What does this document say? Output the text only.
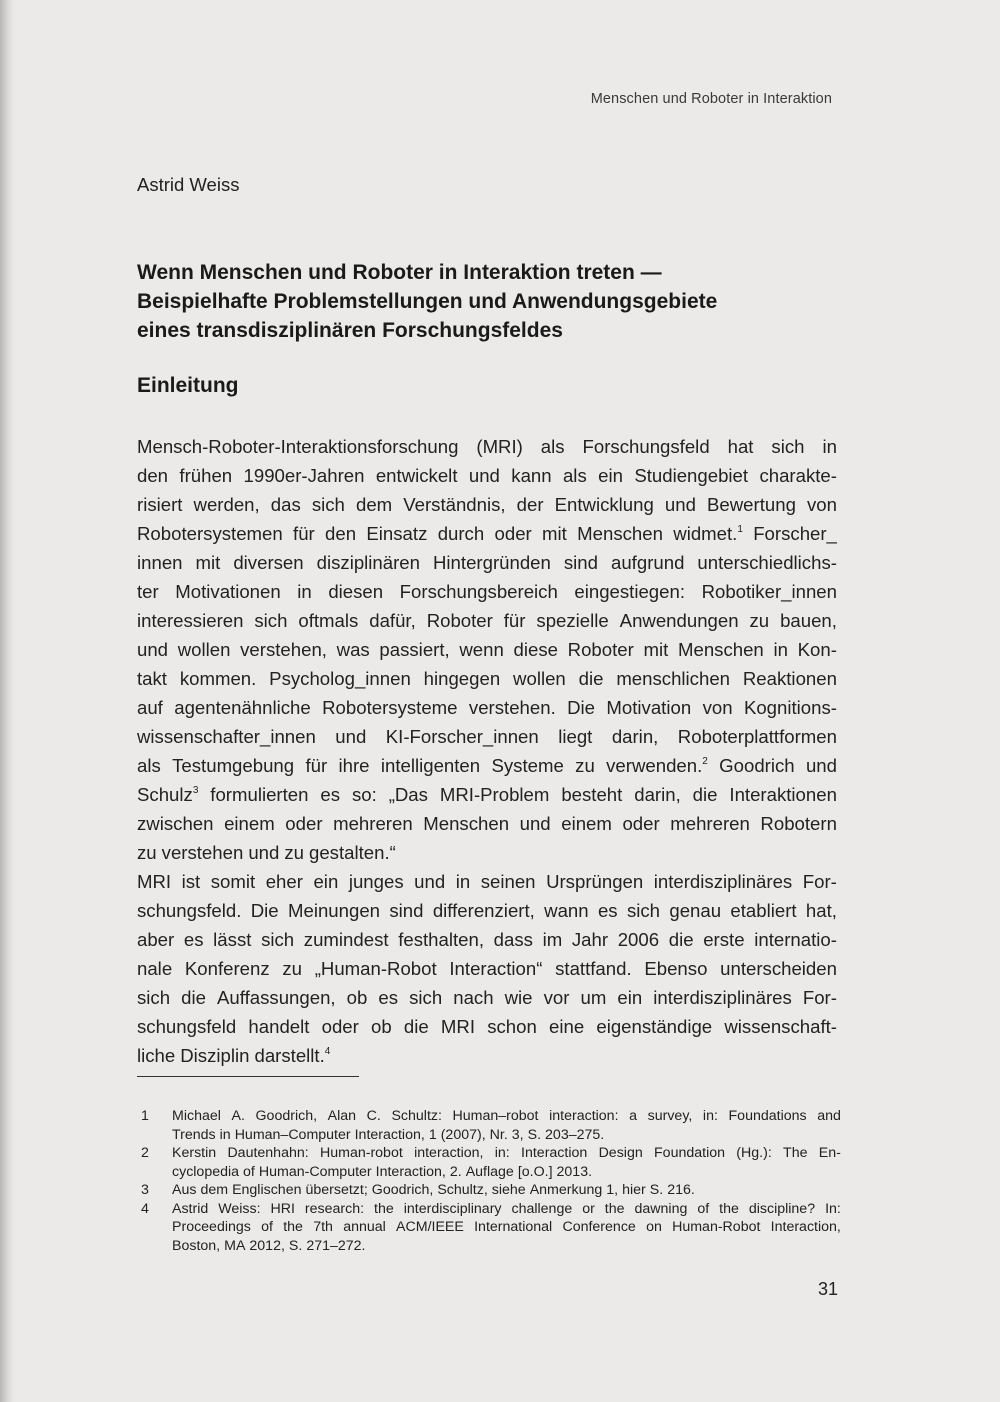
Menschen und Roboter in Interaktion
Astrid Weiss
Wenn Menschen und Roboter in Interaktion treten —
Beispielhafte Problemstellungen und Anwendungsgebiete
eines transdisziplinären Forschungsfeldes
Einleitung
Mensch-Roboter-Interaktionsforschung (MRI) als Forschungsfeld hat sich in
den frühen 1990er-Jahren entwickelt und kann als ein Studiengebiet charakte-
risiert werden, das sich dem Verständnis, der Entwicklung und Bewertung von
Robotersystemen für den Einsatz durch oder mit Menschen widmet.$^1$ Forscher_
innen mit diversen disziplinären Hintergründen sind aufgrund unterschiedlichs-
ter Motivationen in diesen Forschungsbereich eingestiegen: Robotiker_innen
interessieren sich oftmals dafür, Roboter für spezielle Anwendungen zu bauen,
und wollen verstehen, was passiert, wenn diese Roboter mit Menschen in Kon-
takt kommen. Psycholog_innen hingegen wollen die menschlichen Reaktionen
auf agentenähnliche Robotersysteme verstehen. Die Motivation von Kognitions-
wissenschafter_innen und KI-Forscher_innen liegt darin, Roboterplattformen
als Testumgebung für ihre intelligenten Systeme zu verwenden.$^2$ Goodrich und
Schulz$^3$ formulierten es so: „Das MRI-Problem besteht darin, die Interaktionen
zwischen einem oder mehreren Menschen und einem oder mehreren Robotern
zu verstehen und zu gestalten.“
MRI ist somit eher ein junges und in seinen Ursprüngen interdisziplinäres For-
schungsfeld. Die Meinungen sind differenziert, wann es sich genau etabliert hat,
aber es lässt sich zumindest festhalten, dass im Jahr 2006 die erste internatio-
nale Konferenz zu „Human-Robot Interaction“ stattfand. Ebenso unterscheiden
sich die Auffassungen, ob es sich nach wie vor um ein interdisziplinäres For-
schungsfeld handelt oder ob die MRI schon eine eigenständige wissenschaft-
liche Disziplin darstellt.$^4$
1	Michael A. Goodrich, Alan C. Schultz: Human–robot interaction: a survey, in: Foundations and
Trends in Human–Computer Interaction, 1 (2007), Nr. 3, S. 203–275.
2	Kerstin Dautenhahn: Human-robot interaction, in: Interaction Design Foundation (Hg.): The En-
cyclopedia of Human-Computer Interaction, 2. Auflage [o.O.] 2013.
3	Aus dem Englischen übersetzt; Goodrich, Schultz, siehe Anmerkung 1, hier S. 216.
4	Astrid Weiss: HRI research: the interdisciplinary challenge or the dawning of the discipline? In:
Proceedings of the 7th annual ACM/IEEE International Conference on Human-Robot Interaction,
Boston, MA 2012, S. 271–272.
31
